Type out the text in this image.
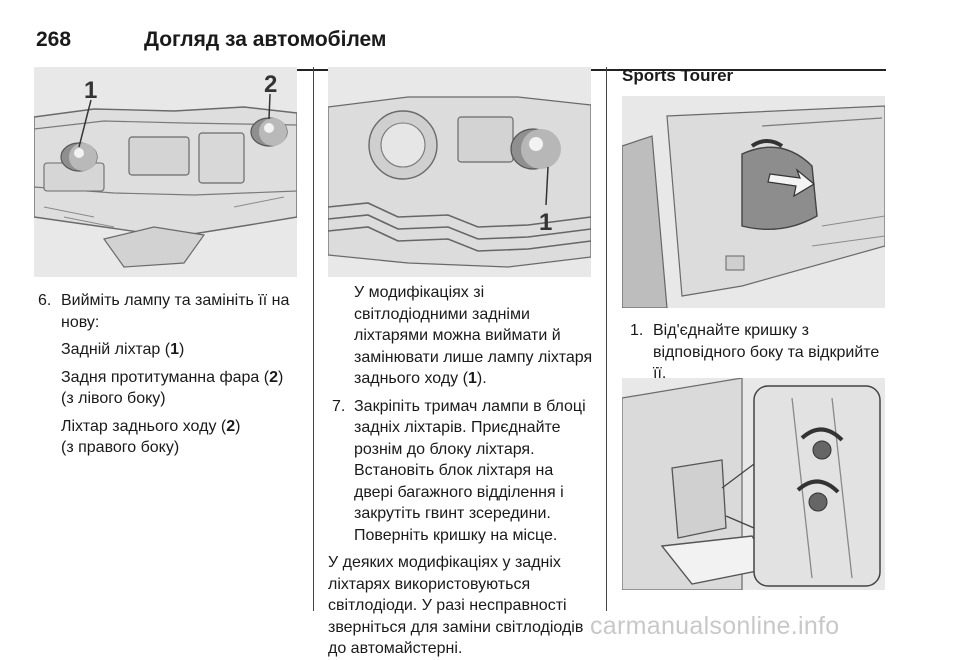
268	Догляд за автомобілем
1	2
1

6. Вийміть лампу та замініть її на нову:

Задній ліхтар (1)

Задня протитуманна фара (2)
(з лівого боку)

Ліхтар заднього ходу (2)
(з правого боку)

У модифікаціях зі світлодіодними задніми ліхтарями можна виймати й замінювати лише лампу ліхтаря заднього ходу (1).

7. Закріпіть тримач лампи в блоці задніх ліхтарів. Приєднайте рознім до блоку ліхтаря. Встановіть блок ліхтаря на двері багажного відділення і закрутіть гвинт зсередини. Поверніть кришку на місце.

У деяких модифікаціях у задніх ліхтарях використовуються світлодіоди. У разі несправності зверніться для заміни світлодіодів до автомайстерні.

Sports Tourer

1. Від'єднайте кришку з відповідного боку та відкрийте її.

carmanualsonline.info
